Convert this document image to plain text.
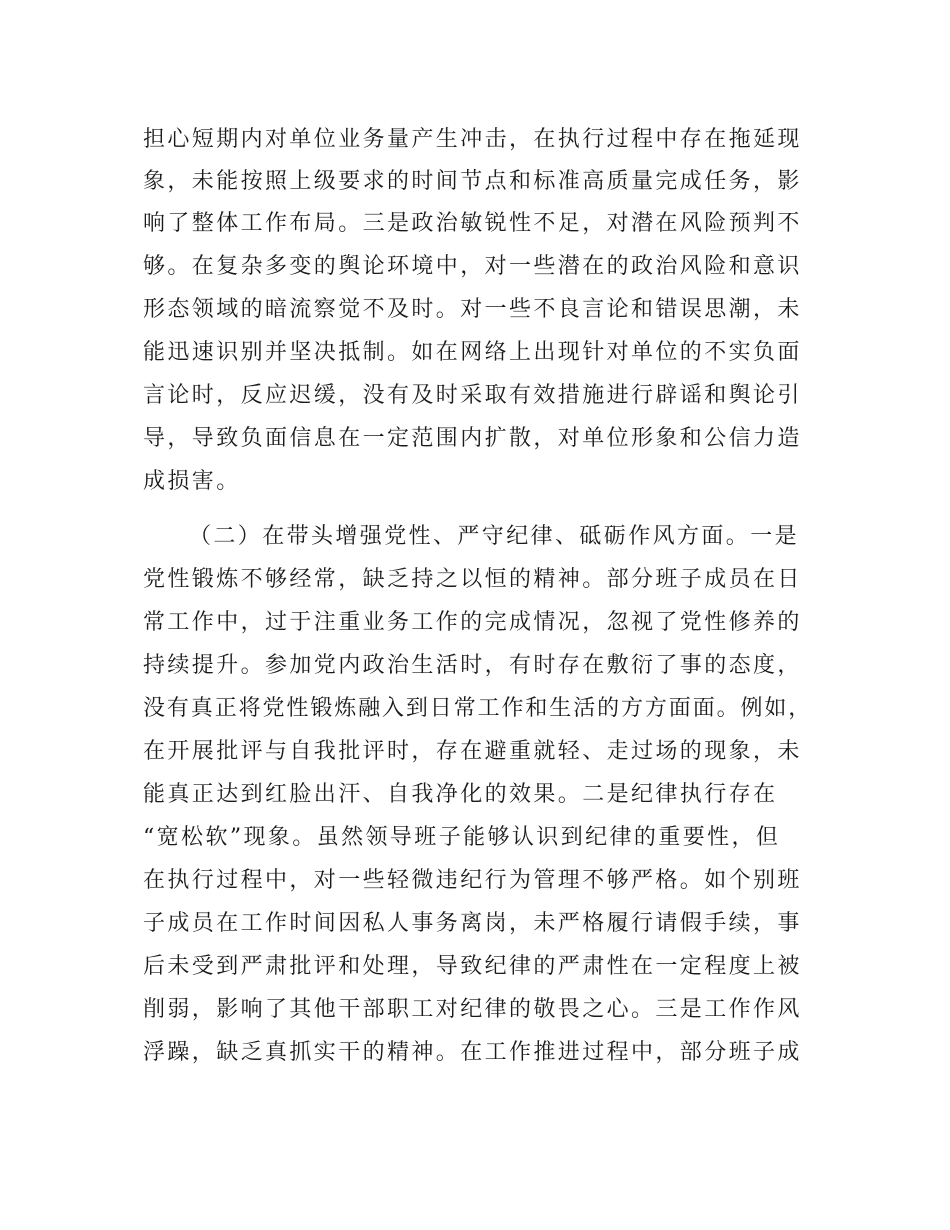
担心短期内对单位业务量产生冲击，在执行过程中存在拖延现
象，未能按照上级要求的时间节点和标准高质量完成任务，影
响了整体工作布局。三是政治敏锐性不足，对潜在风险预判不
够。在复杂多变的舆论环境中，对一些潜在的政治风险和意识
形态领域的暗流察觉不及时。对一些不良言论和错误思潮，未
能迅速识别并坚决抵制。如在网络上出现针对单位的不实负面
言论时，反应迟缓，没有及时采取有效措施进行辟谣和舆论引
导，导致负面信息在一定范围内扩散，对单位形象和公信力造
成损害。
（二）在带头增强党性、严守纪律、砥砺作风方面。一是
党性锻炼不够经常，缺乏持之以恒的精神。部分班子成员在日
常工作中，过于注重业务工作的完成情况，忽视了党性修养的
持续提升。参加党内政治生活时，有时存在敷衍了事的态度，
没有真正将党性锻炼融入到日常工作和生活的方方面面。例如，
在开展批评与自我批评时，存在避重就轻、走过场的现象，未
能真正达到红脸出汗、自我净化的效果。二是纪律执行存在
“宽松软”现象。虽然领导班子能够认识到纪律的重要性，但
在执行过程中，对一些轻微违纪行为管理不够严格。如个别班
子成员在工作时间因私人事务离岗，未严格履行请假手续，事
后未受到严肃批评和处理，导致纪律的严肃性在一定程度上被
削弱，影响了其他干部职工对纪律的敬畏之心。三是工作作风
浮躁，缺乏真抓实干的精神。在工作推进过程中，部分班子成
